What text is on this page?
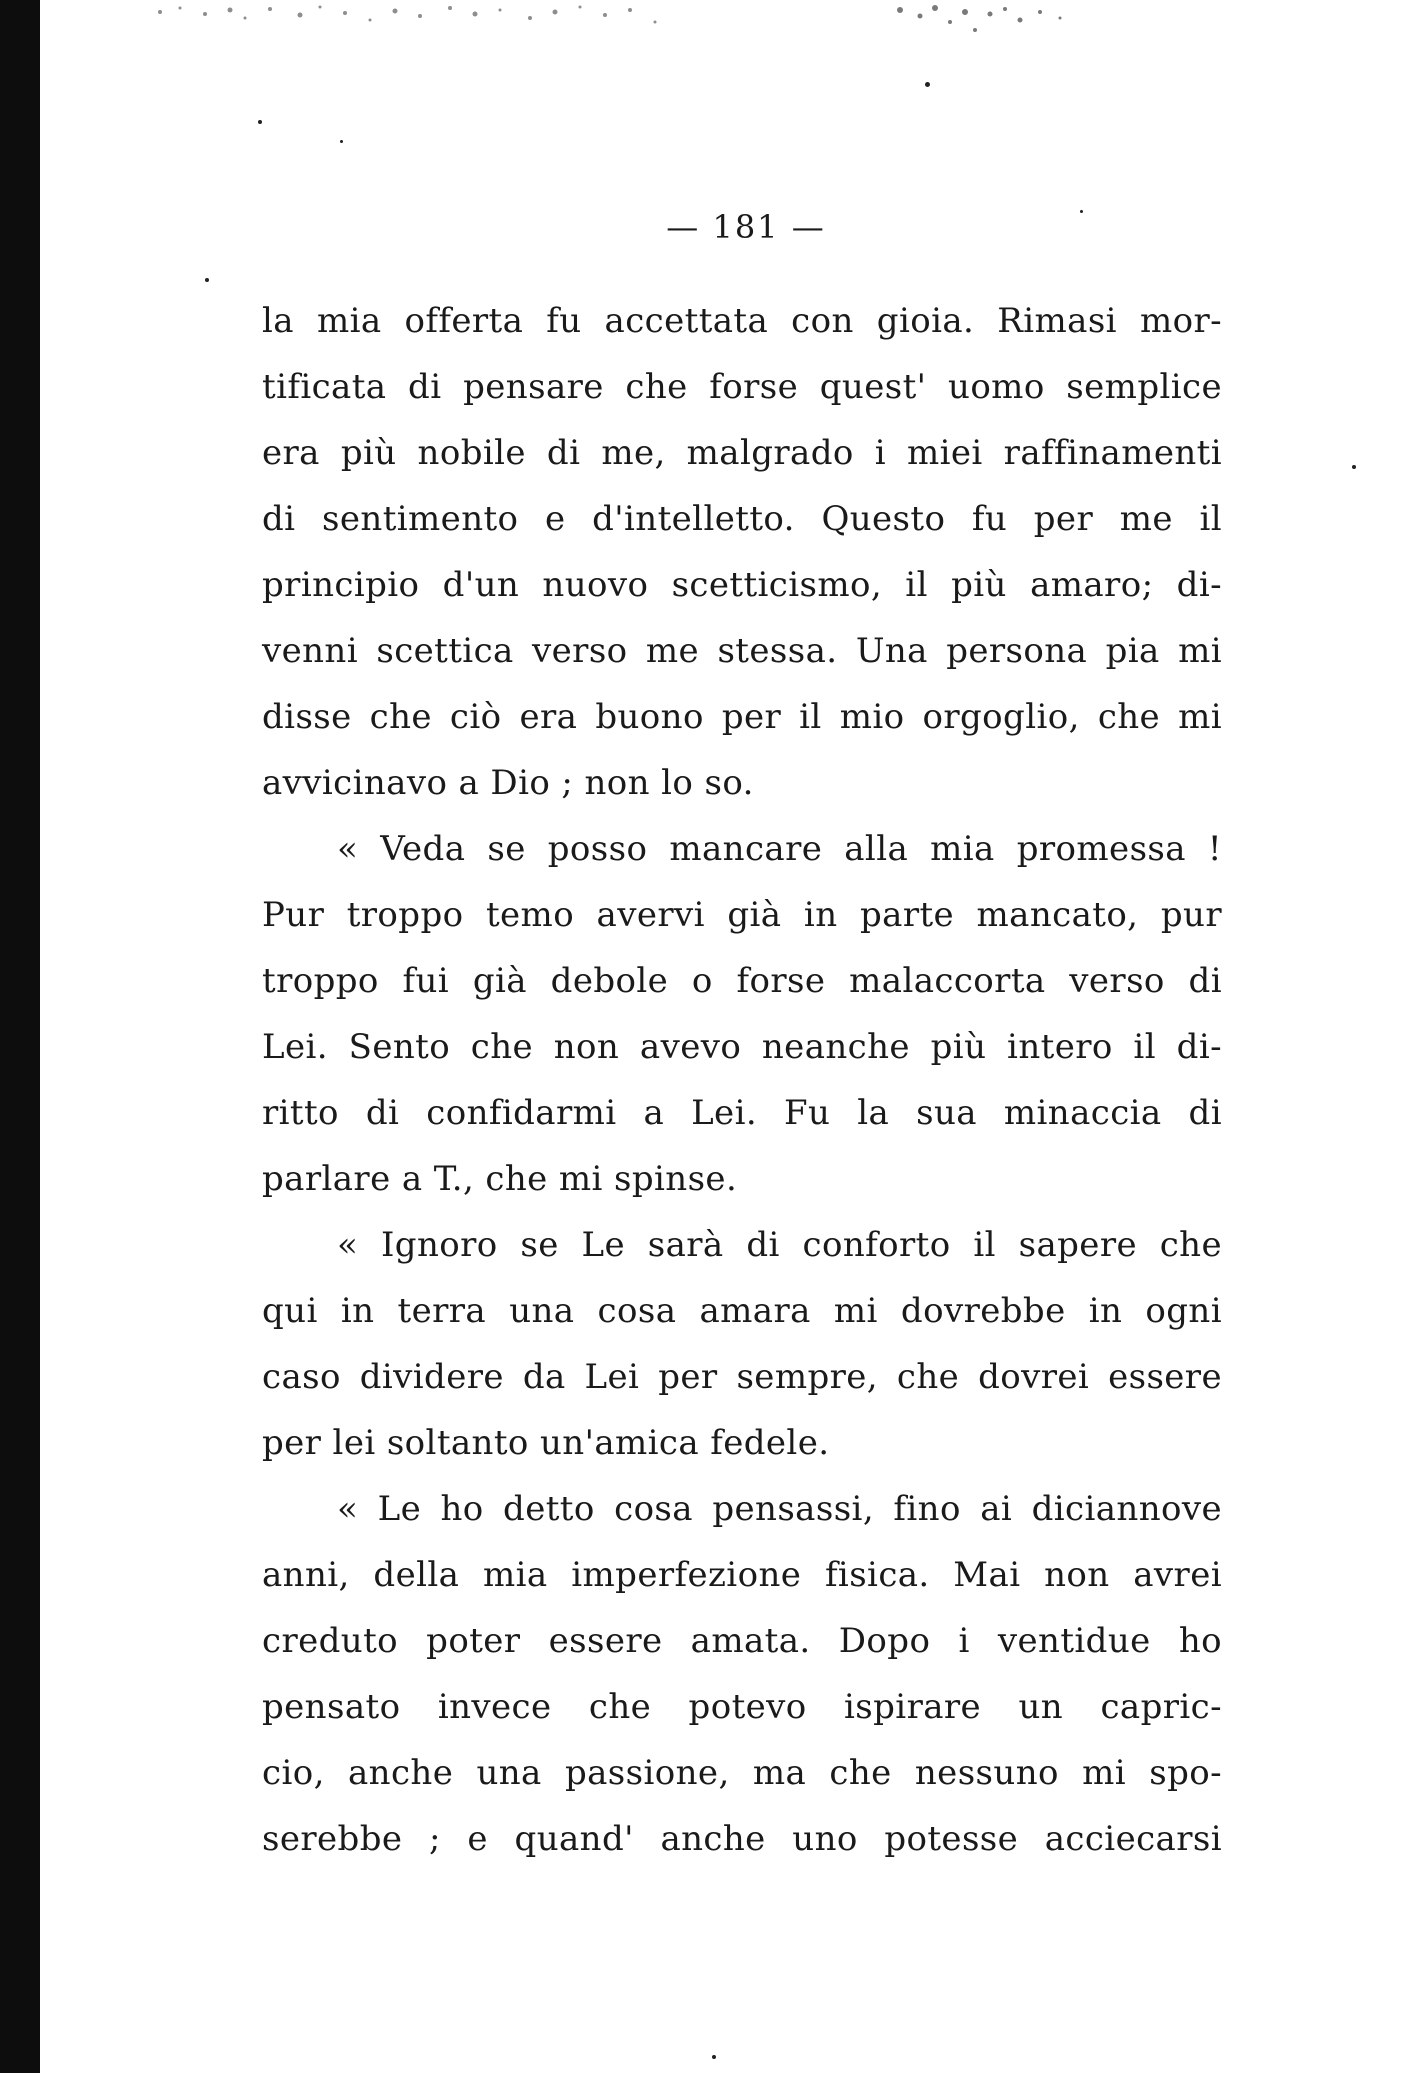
— 181 —
la mia offerta fu accettata con gioia. Rimasi mor-
tificata di pensare che forse quest' uomo semplice
era più nobile di me, malgrado i miei raffinamenti
di sentimento e d'intelletto. Questo fu per me il
principio d'un nuovo scetticismo, il più amaro; di-
venni scettica verso me stessa. Una persona pia mi
disse che ciò era buono per il mio orgoglio, che mi
avvicinavo a Dio ; non lo so.
« Veda se posso mancare alla mia promessa !
Pur troppo temo avervi già in parte mancato, pur
troppo fui già debole o forse malaccorta verso di
Lei. Sento che non avevo neanche più intero il di-
ritto di confidarmi a Lei. Fu la sua minaccia di
parlare a T., che mi spinse.
« Ignoro se Le sarà di conforto il sapere che
qui in terra una cosa amara mi dovrebbe in ogni
caso dividere da Lei per sempre, che dovrei essere
per lei soltanto un'amica fedele.
« Le ho detto cosa pensassi, fino ai diciannove
anni, della mia imperfezione fisica. Mai non avrei
creduto poter essere amata. Dopo i ventidue ho
pensato invece che potevo ispirare un capric-
cio, anche una passione, ma che nessuno mi spo-
serebbe ; e quand' anche uno potesse acciecarsi
